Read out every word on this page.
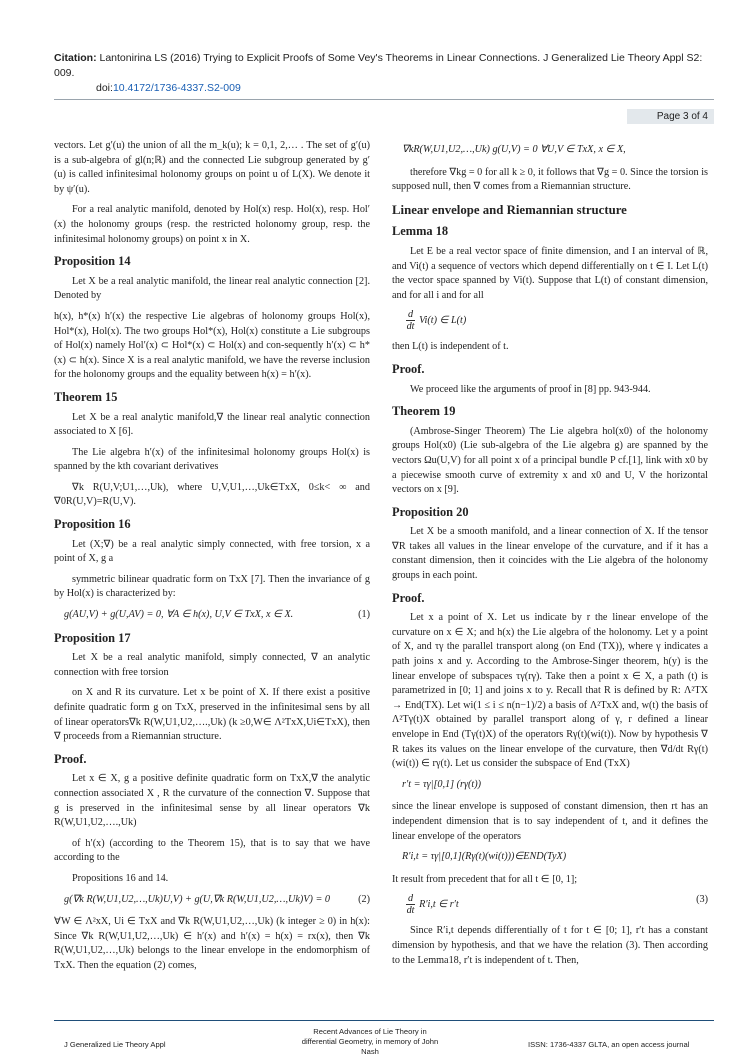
Citation: Lantonirina LS (2016) Trying to Explicit Proofs of Some Vey's Theorems in Linear Connections. J Generalized Lie Theory Appl S2: 009.
doi:10.4172/1736-4337.S2-009
Page 3 of 4

vectors. Let g′(u) the union of all the m_k(u); k = 0,1, 2,… . The set of g′(u) is a sub-algebra of gl(n;ℝ) and the connected Lie subgroup generated by g′(u) is called infinitesimal holonomy groups on point u of L(X). We denote it by ψ′(u).

For a real analytic manifold, denoted by Hol(x) resp. Hol(x), resp. Hol′(x) the holonomy groups (resp. the restricted holonomy group, resp. the infinitesimal holonomy groups) on point x in X.

Proposition 14

Let X be a real analytic manifold, the linear real analytic connection [2]. Denoted by

h(x), h*(x) h′(x) the respective Lie algebras of holonomy groups Hol(x), Hol*(x), Hol(x). The two groups Hol*(x), Hol(x) constitute a Lie subgroups of Hol(x) namely Hol′(x) ⊂ Hol*(x) ⊂ Hol(x) and con-sequently h′(x) ⊂ h*(x) ⊂ h(x). Since X is a real analytic manifold, we have the reverse inclusion for the holonomy groups and the equality between h(x) = h′(x).

Theorem 15

Let X be a real analytic manifold,∇ the linear real analytic connection associated to X [6].

The Lie algebra h′(x) of the infinitesimal holonomy groups Hol(x) is spanned by the kth covariant derivatives

∇k R(U,V;U1,…,Uk), where U,V,U1,…,Uk∈TxX, 0≤k< ∞ and ∇0R(U,V)=R(U,V).

Proposition 16

Let (X;∇) be a real analytic simply connected, with free torsion, x a point of X, g a

symmetric bilinear quadratic form on TxX [7]. Then the invariance of g by Hol(x) is characterized by:

(1)
g(AU,V) + g(U,AV) = 0, ∀A ∈ h(x), U,V ∈ TxX, x ∈ X.
Proposition 17

Let X be a real analytic manifold, simply connected, ∇ an analytic connection with free torsion

on X and R its curvature. Let x be point of X. If there exist a positive definite quadratic form g on TxX, preserved in the infinitesimal sens by all of linear operators∇k R(W,U1,U2,….,Uk) (k ≥0,W∈ Λ²TxX,Ui∈TxX), then ∇ proceeds from a Riemannian structure.

Proof.

Let x ∈ X, g a positive definite quadratic form on TxX,∇ the analytic connection associated X , R the curvature of the connection ∇. Suppose that g is preserved in the infinitesimal sense by all linear operators ∇k R(W,U1,U2,….,Uk)

of h′(x) (according to the Theorem 15), that is to say that we have according to the

Propositions 16 and 14.

(2)
g(∇k R(W,U1,U2,…,Uk)U,V) + g(U,∇k R(W,U1,U2,…,Uk)V) = 0

∀W ∈ Λ²xX, Ui ∈ TxX and ∇k R(W,U1,U2,…,Uk) (k integer ≥ 0) in h(x): Since ∇k R(W,U1,U2,…,Uk) ∈ h′(x) and h′(x) = h(x) = rx(x), then ∇k R(W,U1,U2,…,Uk) belongs to the linear envelope in the endomorphism of TxX. Then the equation (2) comes,

∇kR(W,U1,U2,…,Uk) g(U,V) = 0 ∀U,V ∈ TxX, x ∈ X,

therefore ∇kg = 0 for all k ≥ 0, it follows that ∇g = 0. Since the torsion is supposed null, then ∇ comes from a Riemannian structure.

Linear envelope and Riemannian structure
Lemma 18

Let E be a real vector space of finite dimension, and I an interval of ℝ, and Vi(t) a sequence of vectors which depend differentially on t ∈ I. Let L(t) the vector space spanned by Vi(t). Suppose that L(t) of constant dimension, and for all i and for all

$\frac{d}{dt} Vi(t)$ ∈ L(t)

then L(t) is independent of t.

Proof.

We proceed like the arguments of proof in [8] pp. 943-944.

Theorem 19

(Ambrose-Singer Theorem) The Lie algebra hol(x0) of the holonomy groups Hol(x0) (Lie sub-algebra of the Lie algebra g) are spanned by the vectors Ωu(U,V) for all point x of a principal bundle P cf.[1], link with x0 by a piecewise smooth curve of extremity x and x0 and U, V the horizontal vectors on x [9].

Proposition 20

Let X be a smooth manifold, and a linear connection of X. If the tensor ∇R takes all values in the linear envelope of the curvature, and if it has a constant dimension, then it coincides with the Lie algebra of the holonomy groups in each point.

Proof.

Let x a point of X. Let us indicate by r the linear envelope of the curvature on x ∈ X; and h(x) the Lie algebra of the holonomy. Let y a point of X, and τγ the parallel transport along (on End (TX)), where γ indicates a path joins x and y. According to the Ambrose-Singer theorem, h(y) is the linear envelope of subspaces τγ(rγ). Take then a point x ∈ X, a path (t) is parametrized in [0; 1] and joins x to y. Recall that R is defined by R: Λ²TX → End(TX). Let wi(1 ≤ i ≤ n(n−1)/2) a basis of Λ²TxX and, w(t) the basis of Λ²Tγ(t)X obtained by parallel transport along of γ, r defined a linear envelope in End (Tγ(t)X) of the operators Rγ(t)(wi(t)). Now by hypothesis ∇ R takes its values on the linear envelope of the curvature, then ∇d/dt Rγ(t)(wi(t)) ∈ rγ(t). Let us consider the subspace of End (TxX)

r′t = τγ|[0,1] (rγ(t))

since the linear envelope is supposed of constant dimension, then rt has an independent dimension that is to say independent of t, and it defines the linear envelope of the operators

R′i,t = τγ|[0,1](Rγ(t)(wi(t)))∈END(TyX)

It result from precedent that for all t ∈ [0, 1];

(3)
$\frac{d}{dt} R'i,t$ ∈ r′t

Since R′i,t depends differentially of t for t ∈ [0; 1], r′t has a constant dimension by hypothesis, and that we have the relation (3). Then according to the Lemma18, r′t is independent of t. Then,

J Generalized Lie Theory Appl
Recent Advances of Lie Theory in differential Geometry, in memory of John Nash
ISSN: 1736-4337 GLTA, an open access journal
